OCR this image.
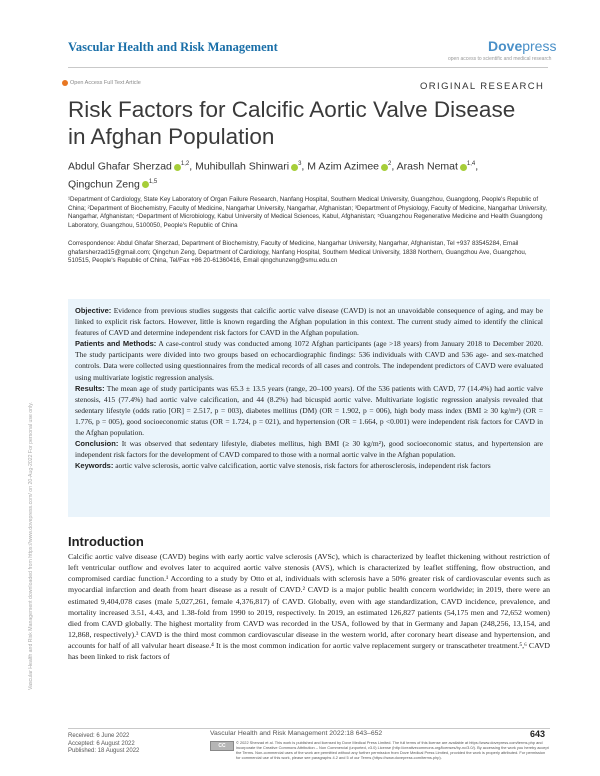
Vascular Health and Risk Management	Dovepress
open access to scientific and medical research
Open Access Full Text Article	ORIGINAL RESEARCH
Risk Factors for Calcific Aortic Valve Disease in Afghan Population
Abdul Ghafar Sherzad $^{1,2}$, Muhibullah Shinwari $^3$, M Azim Azimee $^2$, Arash Nemat $^{1,4}$,
Qingchun Zeng $^{1,5}$
¹Department of Cardiology, State Key Laboratory of Organ Failure Research, Nanfang Hospital, Southern Medical University, Guangzhou, Guangdong, People's Republic of China; ²Department of Biochemistry, Faculty of Medicine, Nangarhar University, Nangarhar, Afghanistan; ³Department of Physiology, Faculty of Medicine, Nangarhar University, Nangarhar, Afghanistan; ⁴Department of Microbiology, Kabul University of Medical Sciences, Kabul, Afghanistan; ⁵Guangzhou Regenerative Medicine and Health Guangdong Laboratory, Guangzhou, 5100050, People's Republic of China
Correspondence: Abdul Ghafar Sherzad, Department of Biochemistry, Faculty of Medicine, Nangarhar University, Nangarhar, Afghanistan, Tel +937 83545284, Email ghafarsherzad15@gmail.com; Qingchun Zeng, Department of Cardiology, Nanfang Hospital, Southern Medical University, 1838 Northern, Guangzhou Ave, Guangzhou, 510515, People's Republic of China, Tel/Fax +86 20-61360416, Email qingchunzeng@smu.edu.cn
Objective: Evidence from previous studies suggests that calcific aortic valve disease (CAVD) is not an unavoidable consequence of aging, and may be linked to explicit risk factors. However, little is known regarding the Afghan population in this context. The current study aimed to identify the clinical features of CAVD and determine independent risk factors for CAVD in the Afghan population.
Patients and Methods: A case-control study was conducted among 1072 Afghan participants (age >18 years) from January 2018 to December 2020. The study participants were divided into two groups based on echocardiographic findings: 536 individuals with CAVD and 536 age- and sex-matched controls. Data were collected using questionnaires from the medical records of all cases and controls. The independent predictors of CAVD were evaluated using multivariate logistic regression analysis.
Results: The mean age of study participants was 65.3 ± 13.5 years (range, 20–100 years). Of the 536 patients with CAVD, 77 (14.4%) had aortic valve stenosis, 415 (77.4%) had aortic valve calcification, and 44 (8.2%) had bicuspid aortic valve. Multivariate logistic regression analysis revealed that sedentary lifestyle (odds ratio [OR] = 2.517, p = 003), diabetes mellitus (DM) (OR = 1.902, p = 006), high body mass index (BMI ≥ 30 kg/m²) (OR = 1.776, p = 005), good socioeconomic status (OR = 1.724, p = 021), and hypertension (OR = 1.664, p <0.001) were independent risk factors for CAVD in the Afghan population.
Conclusion: It was observed that sedentary lifestyle, diabetes mellitus, high BMI (≥ 30 kg/m²), good socioeconomic status, and hypertension are independent risk factors for the development of CAVD compared to those with a normal aortic valve in the Afghan population.
Keywords: aortic valve sclerosis, aortic valve calcification, aortic valve stenosis, risk factors for atherosclerosis, independent risk factors
Introduction
Calcific aortic valve disease (CAVD) begins with early aortic valve sclerosis (AVSc), which is characterized by leaflet thickening without restriction of left ventricular outflow and evolves later to acquired aortic valve stenosis (AVS), which is characterized by leaflet stiffening, flow obstruction, and compromised cardiac function.¹ According to a study by Otto et al, individuals with sclerosis have a 50% greater risk of cardiovascular events such as myocardial infarction and death from heart disease as a result of CAVD.² CAVD is a major public health concern worldwide; in 2019, there were an estimated 9,404,078 cases (male 5,027,261, female 4,376,817) of CAVD. Globally, even with age standardization, CAVD incidence, prevalence, and mortality increased 3.51, 4.43, and 1.38-fold from 1990 to 2019, respectively. In 2019, an estimated 126,827 patients (54,175 men and 72,652 women) died from CAVD globally. The highest mortality from CAVD was recorded in the USA, followed by that in Germany and Japan (248,256, 13,154, and 12,868, respectively).³ CAVD is the third most common cardiovascular disease in the western world, after coronary heart disease and hypertension, and accounts for half of all valvular heart disease.⁴ It is the most common indication for aortic valve replacement surgery or transcatheter treatment.⁵,⁶ CAVD has been linked to risk factors of
Vascular Health and Risk Management downloaded from https://www.dovepress.com/ on 20-Aug-2022 For personal use only.
Received: 6 June 2022
Accepted: 6 August 2022
Published: 18 August 2022
Vascular Health and Risk Management 2022:18 643–652	643
CC
© 2022 Sherzad et al. This work is published and licensed by Dove Medical Press Limited. The full terms of this license are available at https://www.dovepress.com/terms.php and incorporate the Creative Commons Attribution – Non Commercial (unported, v3.0) License (http://creativecommons.org/licenses/by-nc/3.0/). By accessing the work you hereby accept the Terms. Non-commercial uses of the work are permitted without any further permission from Dove Medical Press Limited, provided the work is properly attributed. For permission for commercial use of this work, please see paragraphs 4.2 and 5 of our Terms (https://www.dovepress.com/terms.php).
